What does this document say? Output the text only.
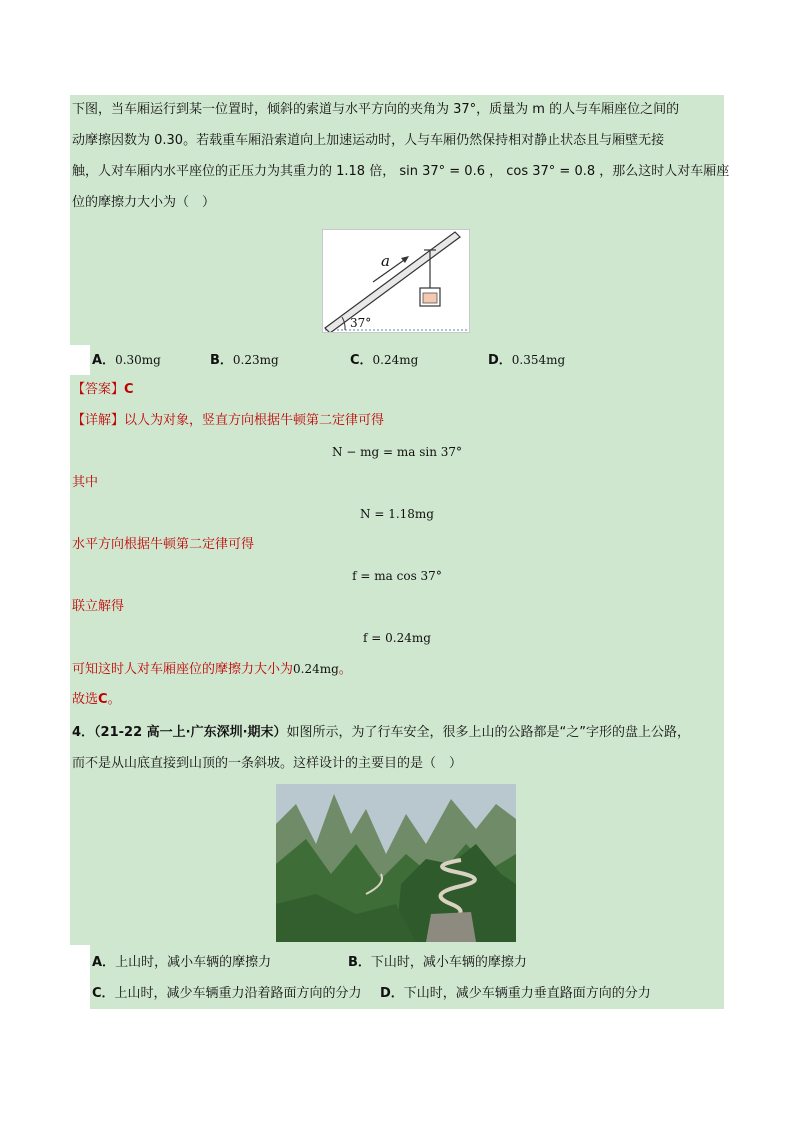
下图，当车厢运行到某一位置时，倾斜的索道与水平方向的夹角为 37°，质量为 m 的人与车厢座位之间的
动摩擦因数为 0.30。若载重车厢沿索道向上加速运动时，人与车厢仍然保持相对静止状态且与厢壁无接
触，人对车厢内水平座位的正压力为其重力的 1.18 倍， sin 37° = 0.6 ， cos 37° = 0.8 ，那么这时人对车厢座
位的摩擦力大小为（　）
a
37°
A．0.30mg	B．0.23mg	C．0.24mg	D．0.354mg
【答案】C
【详解】以人为对象，竖直方向根据牛顿第二定律可得
N − mg = ma sin 37°
其中
N = 1.18mg
水平方向根据牛顿第二定律可得
f = ma cos 37°
联立解得
f = 0.24mg
可知这时人对车厢座位的摩擦力大小为0.24mg。
故选C。
4．（21-22 高一上·广东深圳·期末）如图所示，为了行车安全，很多上山的公路都是“之”字形的盘上公路，
而不是从山底直接到山顶的一条斜坡。这样设计的主要目的是（　）
A．上山时，减小车辆的摩擦力	B．下山时，减小车辆的摩擦力
C．上山时，减少车辆重力沿着路面方向的分力 D．下山时，减少车辆重力垂直路面方向的分力
